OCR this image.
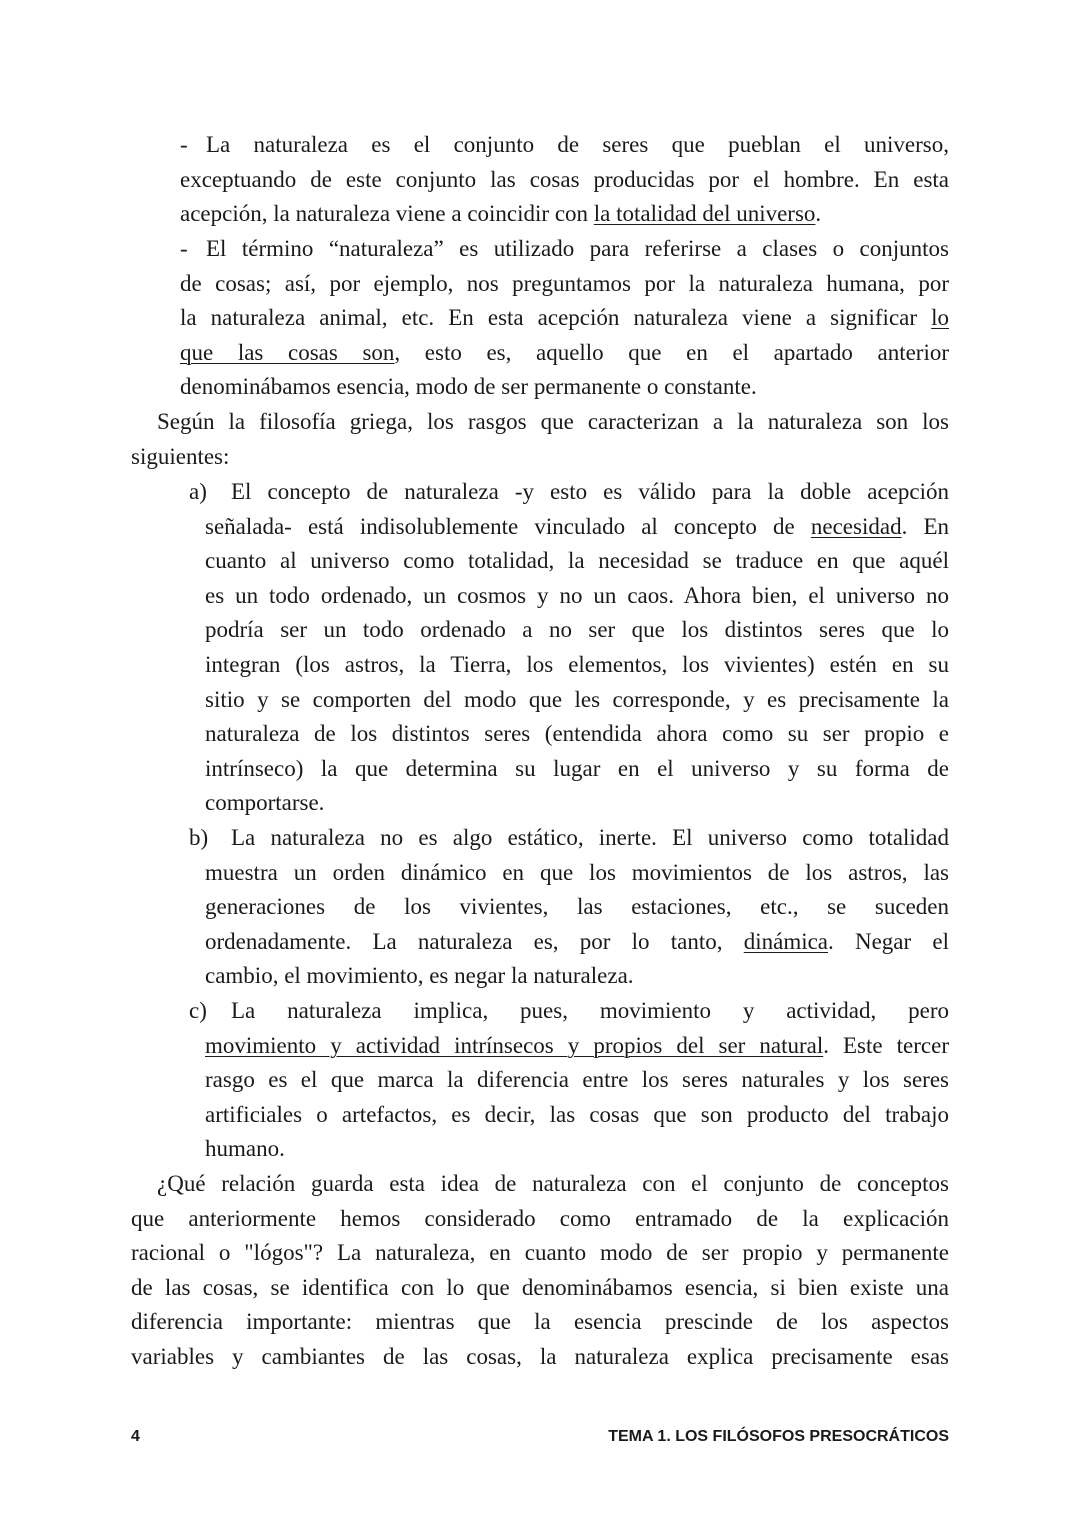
- La naturaleza es el conjunto de seres que pueblan el universo,
exceptuando de este conjunto las cosas producidas por el hombre. En esta
acepción, la naturaleza viene a coincidir con la totalidad del universo.
- El término “naturaleza” es utilizado para referirse a clases o conjuntos
de cosas; así, por ejemplo, nos preguntamos por la naturaleza humana, por
la naturaleza animal, etc. En esta acepción naturaleza viene a significar lo
que las cosas son, esto es, aquello que en el apartado anterior
denominábamos esencia, modo de ser permanente o constante.
Según la filosofía griega, los rasgos que caracterizan a la naturaleza son los
siguientes:
a) El concepto de naturaleza -y esto es válido para la doble acepción
señalada- está indisolublemente vinculado al concepto de necesidad. En
cuanto al universo como totalidad, la necesidad se traduce en que aquél
es un todo ordenado, un cosmos y no un caos. Ahora bien, el universo no
podría ser un todo ordenado a no ser que los distintos seres que lo
integran (los astros, la Tierra, los elementos, los vivientes) estén en su
sitio y se comporten del modo que les corresponde, y es precisamente la
naturaleza de los distintos seres (entendida ahora como su ser propio e
intrínseco) la que determina su lugar en el universo y su forma de
comportarse.
b) La naturaleza no es algo estático, inerte. El universo como totalidad
muestra un orden dinámico en que los movimientos de los astros, las
generaciones de los vivientes, las estaciones, etc., se suceden
ordenadamente. La naturaleza es, por lo tanto, dinámica. Negar el
cambio, el movimiento, es negar la naturaleza.
c) La naturaleza implica, pues, movimiento y actividad, pero
movimiento y actividad intrínsecos y propios del ser natural. Este tercer
rasgo es el que marca la diferencia entre los seres naturales y los seres
artificiales o artefactos, es decir, las cosas que son producto del trabajo
humano.
¿Qué relación guarda esta idea de naturaleza con el conjunto de conceptos
que anteriormente hemos considerado como entramado de la explicación
racional o "lógos"? La naturaleza, en cuanto modo de ser propio y permanente
de las cosas, se identifica con lo que denominábamos esencia, si bien existe una
diferencia importante: mientras que la esencia prescinde de los aspectos
variables y cambiantes de las cosas, la naturaleza explica precisamente esas
4	TEMA 1. LOS FILÓSOFOS PRESOCRÁTICOS
